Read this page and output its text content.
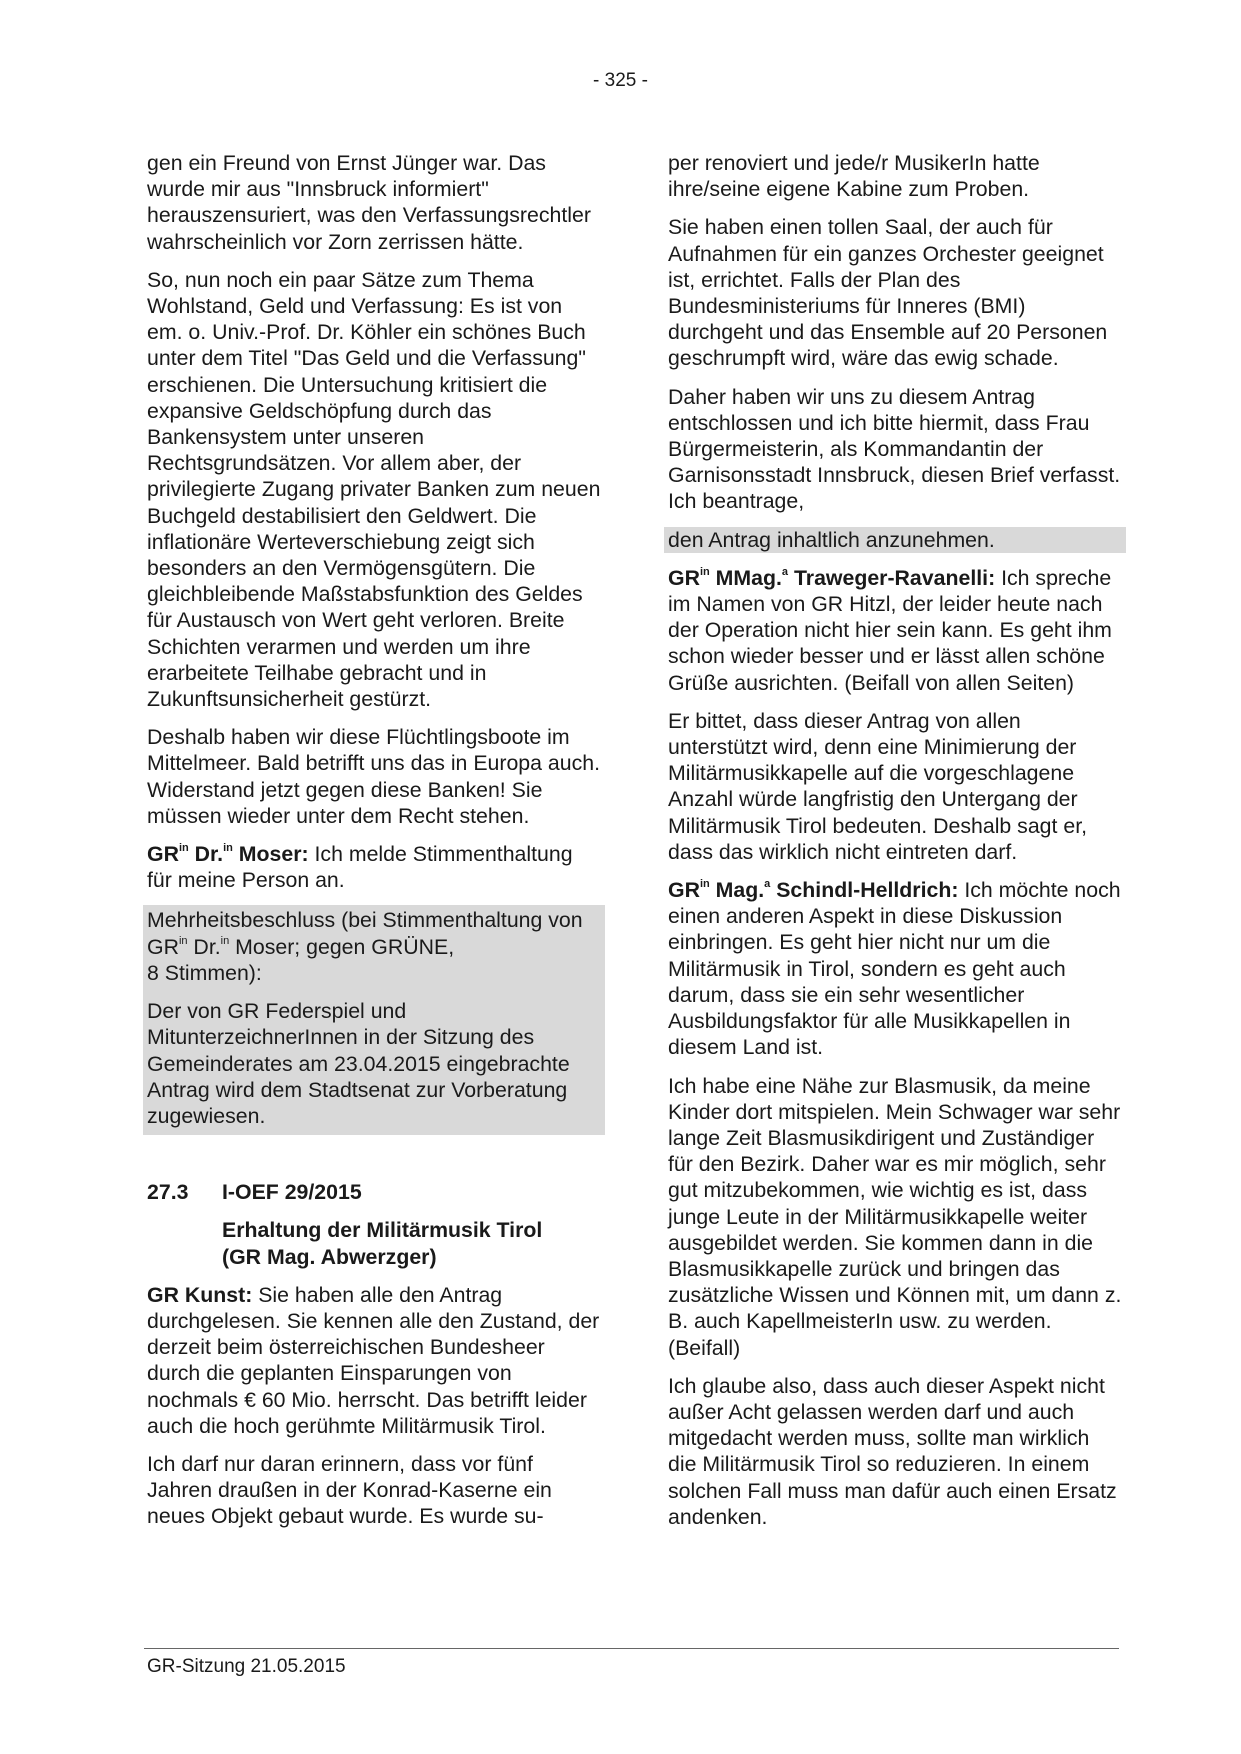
- 325 -

gen ein Freund von Ernst Jünger war. Das wurde mir aus "Innsbruck informiert" herauszensuriert, was den Verfassungsrechtler wahrscheinlich vor Zorn zerrissen hätte.

So, nun noch ein paar Sätze zum Thema Wohlstand, Geld und Verfassung: Es ist von em. o. Univ.-Prof. Dr. Köhler ein schönes Buch unter dem Titel "Das Geld und die Verfassung" erschienen. Die Untersuchung kritisiert die expansive Geldschöpfung durch das Bankensystem unter unseren Rechtsgrundsätzen. Vor allem aber, der privilegierte Zugang privater Banken zum neuen Buchgeld destabilisiert den Geldwert. Die inflationäre Werteverschiebung zeigt sich besonders an den Vermögensgütern. Die gleichbleibende Maßstabsfunktion des Geldes für Austausch von Wert geht verloren. Breite Schichten verarmen und werden um ihre erarbeitete Teilhabe gebracht und in Zukunftsunsicherheit gestürzt.

Deshalb haben wir diese Flüchtlingsboote im Mittelmeer. Bald betrifft uns das in Europa auch. Widerstand jetzt gegen diese Banken! Sie müssen wieder unter dem Recht stehen.

$GR^{in}$ Dr.$^{in}$ Moser: Ich melde Stimmenthaltung für meine Person an.

Mehrheitsbeschluss (bei Stimmenthaltung von $GR^{in}$ Dr.$^{in}$ Moser; gegen GRÜNE,
8 Stimmen):

Der von GR Federspiel und MitunterzeichnerInnen in der Sitzung des Gemeinderates am 23.04.2015 eingebrachte Antrag wird dem Stadtsenat zur Vorberatung zugewiesen.

27.3	I-OEF 29/2015
Erhaltung der Militärmusik Tirol
(GR Mag. Abwerzger)

GR Kunst: Sie haben alle den Antrag durchgelesen. Sie kennen alle den Zustand, der derzeit beim österreichischen Bundesheer durch die geplanten Einsparungen von nochmals € 60 Mio. herrscht. Das betrifft leider auch die hoch gerühmte Militärmusik Tirol.

Ich darf nur daran erinnern, dass vor fünf Jahren draußen in der Konrad-Kaserne ein neues Objekt gebaut wurde. Es wurde su-

per renoviert und jede/r MusikerIn hatte ihre/seine eigene Kabine zum Proben.

Sie haben einen tollen Saal, der auch für Aufnahmen für ein ganzes Orchester geeignet ist, errichtet. Falls der Plan des Bundesministeriums für Inneres (BMI) durchgeht und das Ensemble auf 20 Personen geschrumpft wird, wäre das ewig schade.

Daher haben wir uns zu diesem Antrag entschlossen und ich bitte hiermit, dass Frau Bürgermeisterin, als Kommandantin der Garnisonsstadt Innsbruck, diesen Brief verfasst. Ich beantrage,

den Antrag inhaltlich anzunehmen.

$GR^{in}$ MMag.$^a$ Traweger-Ravanelli: Ich spreche im Namen von GR Hitzl, der leider heute nach der Operation nicht hier sein kann. Es geht ihm schon wieder besser und er lässt allen schöne Grüße ausrichten. (Beifall von allen Seiten)

Er bittet, dass dieser Antrag von allen unterstützt wird, denn eine Minimierung der Militärmusikkapelle auf die vorgeschlagene Anzahl würde langfristig den Untergang der Militärmusik Tirol bedeuten. Deshalb sagt er, dass das wirklich nicht eintreten darf.

$GR^{in}$ Mag.$^a$ Schindl-Helldrich: Ich möchte noch einen anderen Aspekt in diese Diskussion einbringen. Es geht hier nicht nur um die Militärmusik in Tirol, sondern es geht auch darum, dass sie ein sehr wesentlicher Ausbildungsfaktor für alle Musikkapellen in diesem Land ist.

Ich habe eine Nähe zur Blasmusik, da meine Kinder dort mitspielen. Mein Schwager war sehr lange Zeit Blasmusikdirigent und Zuständiger für den Bezirk. Daher war es mir möglich, sehr gut mitzubekommen, wie wichtig es ist, dass junge Leute in der Militärmusikkapelle weiter ausgebildet werden. Sie kommen dann in die Blasmusikkapelle zurück und bringen das zusätzliche Wissen und Können mit, um dann z. B. auch KapellmeisterIn usw. zu werden. (Beifall)

Ich glaube also, dass auch dieser Aspekt nicht außer Acht gelassen werden darf und auch mitgedacht werden muss, sollte man wirklich die Militärmusik Tirol so reduzieren. In einem solchen Fall muss man dafür auch einen Ersatz andenken.

GR-Sitzung 21.05.2015
